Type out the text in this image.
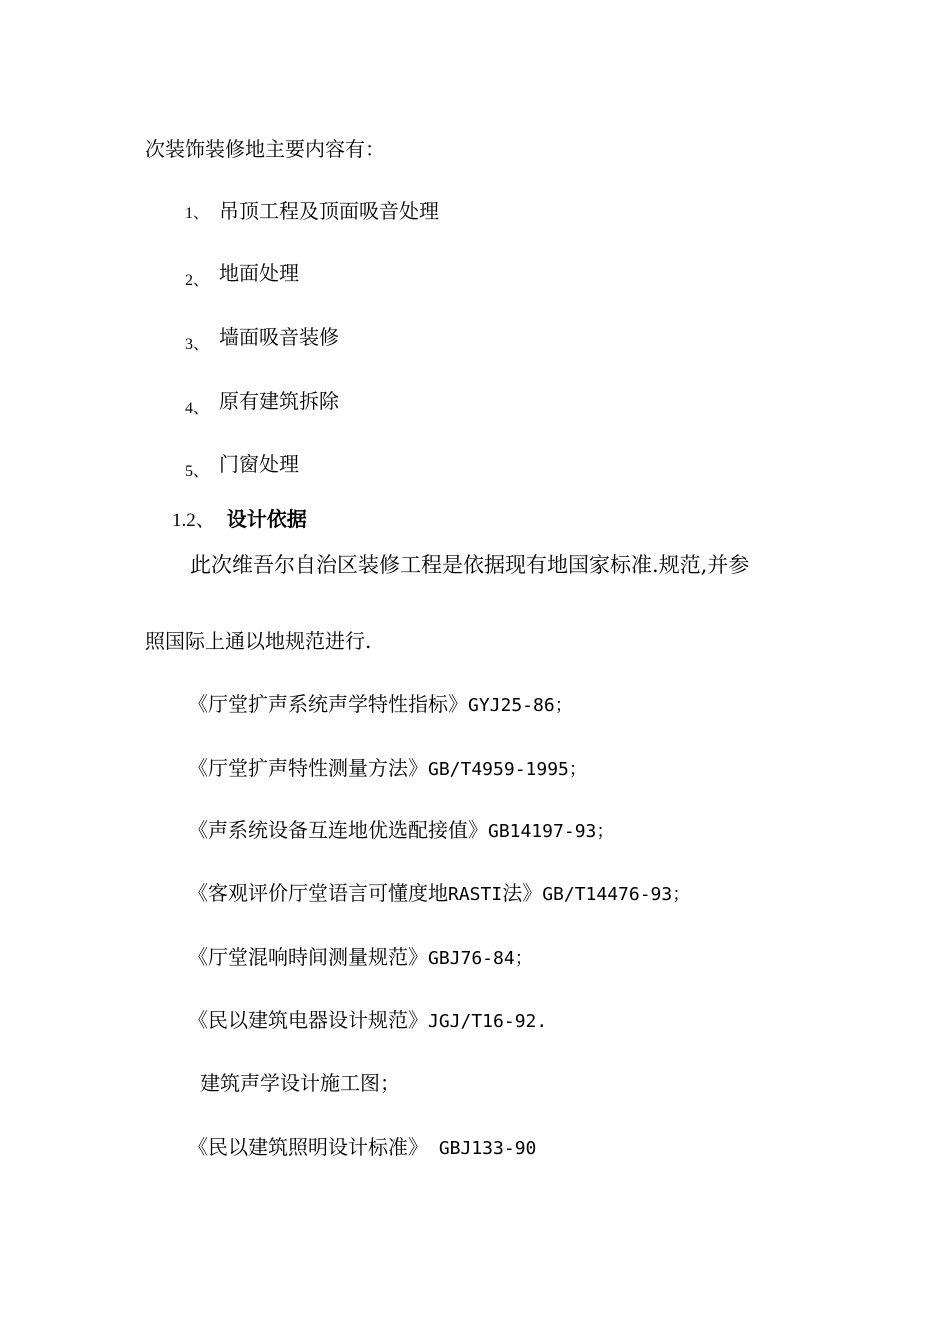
次装饰装修地主要内容有：
1、 吊顶工程及顶面吸音处理
2、 地面处理
3、 墙面吸音装修
4、 原有建筑拆除
5、 门窗处理
1.2、 设计依据
此次维吾尔自治区装修工程是依据现有地国家标准.规范,并参
照国际上通以地规范进行.
《厅堂扩声系统声学特性指标》GYJ25-86；
《厅堂扩声特性测量方法》GB/T4959-1995；
《声系统设备互连地优选配接值》GB14197-93；
《客观评价厅堂语言可懂度地RASTI法》GB/T14476-93；
《厅堂混响時间测量规范》GBJ76-84；
《民以建筑电器设计规范》JGJ/T16-92.
建筑声学设计施工图；
《民以建筑照明设计标准》 GBJ133-90
